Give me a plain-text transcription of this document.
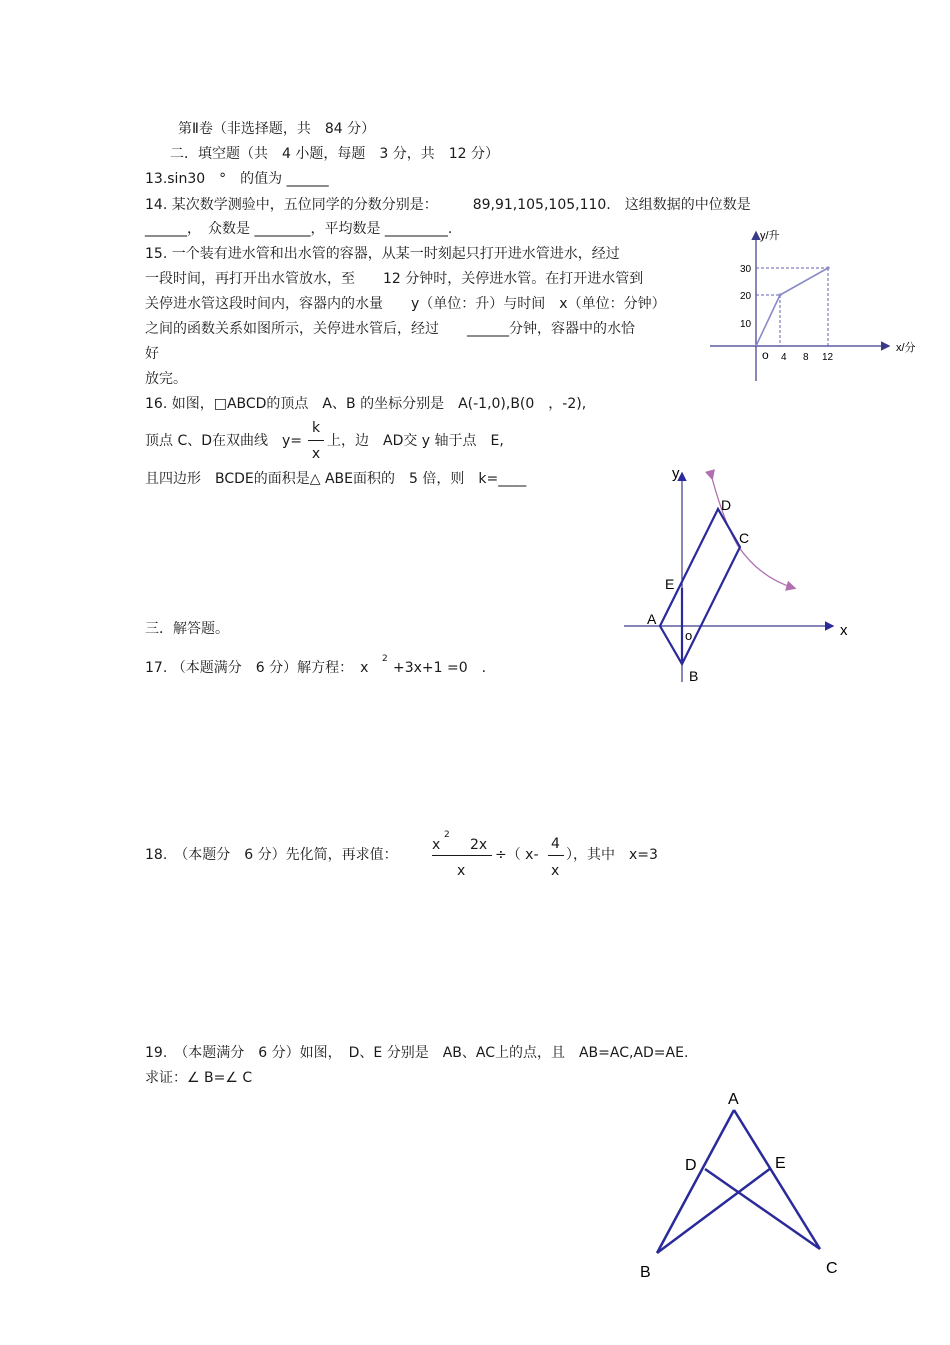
第Ⅱ卷（非选择题，共　84 分）
二．填空题（共　4 小题，每题　3 分，共　12 分）
13.sin30　°　的值为 ______
14. 某次数学测验中，五位同学的分数分别是：　　　89,91,105,105,110.　这组数据的中位数是
______，　众数是 ________，平均数是 _________.
15. 一个装有进水管和出水管的容器，从某一时刻起只打开进水管进水，经过
一段时间，再打开出水管放水，至　　12 分钟时，关停进水管。在打开进水管到
关停进水管这段时间内，容器内的水量　　y（单位：升）与时间　x（单位：分钟）
之间的函数关系如图所示，关停进水管后，经过　　______分钟，容器中的水恰
好
放完。
16. 如图，□ABCD的顶点　A、B 的坐标分别是　A(-1,0),B(0　，-2),
顶点 C、D在双曲线　y=
k
x
上，边　AD交 y 轴于点　E,
且四边形　BCDE的面积是△ ABE面积的　5 倍，则　k=____
三．解答题。
17. （本题满分　6 分）解方程：　x
2
+3x+1 =0　.
18.　（本题分　6 分）先化简，再求值：
x
2
2x
x
÷（ x-
4
x
），其中　x=3
19.　（本题满分　6 分）如图，　D、E 分别是　AB、AC上的点，且　AB=AC,AD=AE.
求证：∠ B=∠ C
y/升
x/分
o
30
20
10
4 8 12
y
x
A
B
C
D
E
o
A
B	C
D	E
